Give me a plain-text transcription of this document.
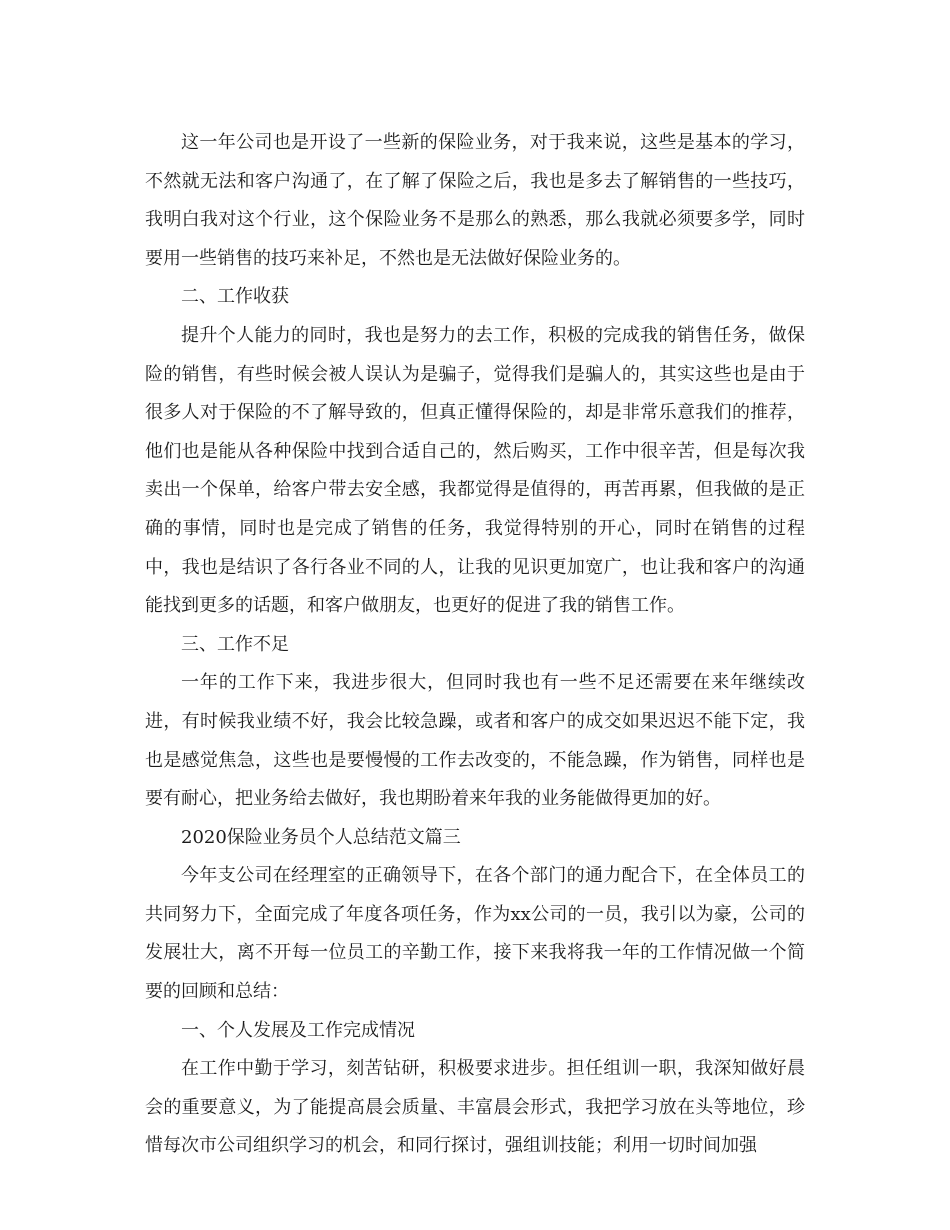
这一年公司也是开设了一些新的保险业务，对于我来说，这些是基本的学习，不然就无法和客户沟通了，在了解了保险之后，我也是多去了解销售的一些技巧，我明白我对这个行业，这个保险业务不是那么的熟悉，那么我就必须要多学，同时要用一些销售的技巧来补足，不然也是无法做好保险业务的。

二、工作收获

提升个人能力的同时，我也是努力的去工作，积极的完成我的销售任务，做保险的销售，有些时候会被人误认为是骗子，觉得我们是骗人的，其实这些也是由于很多人对于保险的不了解导致的，但真正懂得保险的，却是非常乐意我们的推荐，他们也是能从各种保险中找到合适自己的，然后购买，工作中很辛苦，但是每次我卖出一个保单，给客户带去安全感，我都觉得是值得的，再苦再累，但我做的是正确的事情，同时也是完成了销售的任务，我觉得特别的开心，同时在销售的过程中，我也是结识了各行各业不同的人，让我的见识更加宽广，也让我和客户的沟通能找到更多的话题，和客户做朋友，也更好的促进了我的销售工作。

三、工作不足

一年的工作下来，我进步很大，但同时我也有一些不足还需要在来年继续改进，有时候我业绩不好，我会比较急躁，或者和客户的成交如果迟迟不能下定，我也是感觉焦急，这些也是要慢慢的工作去改变的，不能急躁，作为销售，同样也是要有耐心，把业务给去做好，我也期盼着来年我的业务能做得更加的好。

2020保险业务员个人总结范文篇三

今年支公司在经理室的正确领导下，在各个部门的通力配合下，在全体员工的共同努力下，全面完成了年度各项任务，作为xx公司的一员，我引以为豪，公司的发展壮大，离不开每一位员工的辛勤工作，接下来我将我一年的工作情况做一个简要的回顾和总结：

一、个人发展及工作完成情况

在工作中勤于学习，刻苦钻研，积极要求进步。担任组训一职，我深知做好晨会的重要意义，为了能提高晨会质量、丰富晨会形式，我把学习放在头等地位，珍惜每次市公司组织学习的机会，和同行探讨，强组训技能；利用一切时间加强
